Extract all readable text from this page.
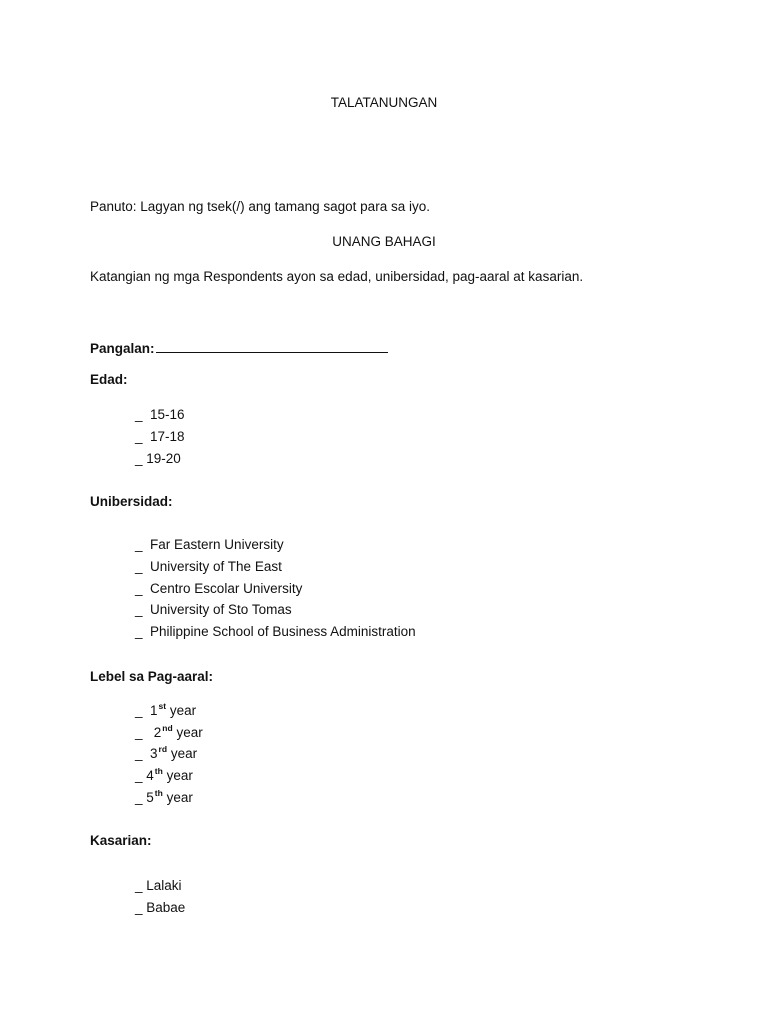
TALATANUNGAN
Panuto: Lagyan ng tsek(/) ang tamang sagot para sa iyo.
UNANG BAHAGI
Katangian ng mga Respondents ayon sa edad, unibersidad, pag-aaral at kasarian.
Pangalan:
Edad:
_ 15-16
_ 17-18
_ 19-20
Unibersidad:
_ Far Eastern University
_ University of The East
_ Centro Escolar University
_ University of Sto Tomas
_ Philippine School of Business Administration
Lebel sa Pag-aaral:
_ 1st year
_ 2nd year
_ 3rd year
_ 4th year
_ 5th year
Kasarian:
_ Lalaki
_ Babae
